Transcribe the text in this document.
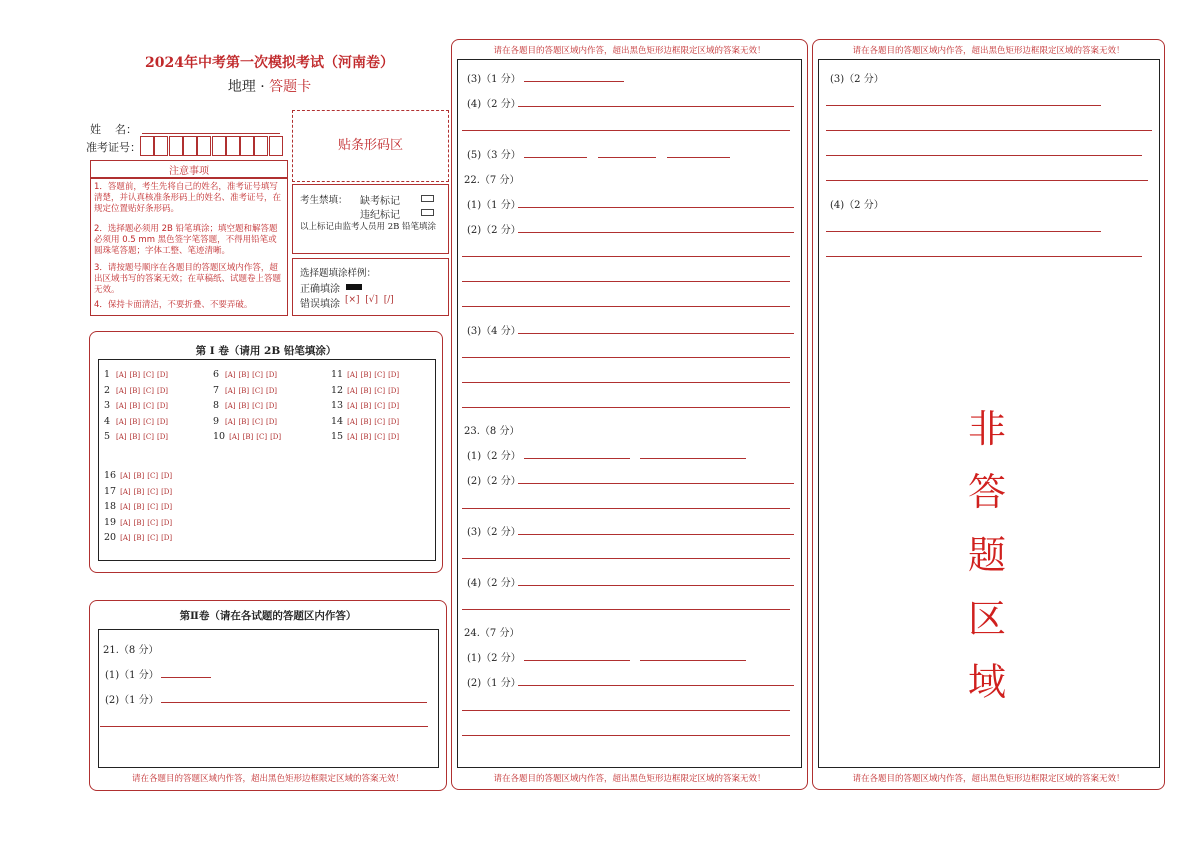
2024年中考第一次模拟考试（河南卷）
地理 · 答题卡
姓    名：
准考证号：	贴条形码区
注意事项
1．答题前，考生先将自己的姓名，准考证号填写清楚，并认真核准条形码上的姓名、准考证号，在规定位置贴好条形码。
2．选择题必须用 2B 铅笔填涂；填空题和解答题必须用 0.5 mm 黑色签字笔答题，不得用铅笔或圆珠笔答题；字体工整、笔迹清晰。
3．请按题号顺序在各题目的答题区域内作答，超出区域书写的答案无效；在草稿纸、试题卷上答题无效。
4．保持卡面清洁，不要折叠、不要弄破。
考生禁填： 缺考标记
违纪标记
以上标记由监考人员用 2B 铅笔填涂
选择题填涂样例：
正确填涂
错误填涂 [×]  [√]  [/]
第 I 卷（请用 2B 铅笔填涂）
1 [A] [B] [C] [D]
2 [A] [B] [C] [D]
3 [A] [B] [C] [D]
4 [A] [B] [C] [D]
5 [A] [B] [C] [D]
6 [A] [B] [C] [D]
7 [A] [B] [C] [D]
8 [A] [B] [C] [D]
9 [A] [B] [C] [D]
10 [A] [B] [C] [D]
11 [A] [B] [C] [D]
12 [A] [B] [C] [D]
13 [A] [B] [C] [D]
14 [A] [B] [C] [D]
15 [A] [B] [C] [D]
16 [A] [B] [C] [D]
17 [A] [B] [C] [D]
18 [A] [B] [C] [D]
19 [A] [B] [C] [D]
20 [A] [B] [C] [D]
第Ⅱ卷（请在各试题的答题区内作答）
21.（8 分）
(1)（1 分）
(2)（1 分）
请在各题目的答题区域内作答，超出黑色矩形边框限定区域的答案无效！
请在各题目的答题区域内作答，超出黑色矩形边框限定区域的答案无效！
请在各题目的答题区域内作答，超出黑色矩形边框限定区域的答案无效！
(3)（1 分）
(4)（2 分）
(5)（3 分）
22.（7 分）
(1)（1 分）
(2)（2 分）
(3)（4 分）
23.（8 分）
(1)（2 分）
(2)（2 分）
(3)（2 分）
(4)（2 分）
24.（7 分）
(1)（2 分）
(2)（1 分）
请在各题目的答题区域内作答，超出黑色矩形边框限定区域的答案无效！
请在各题目的答题区域内作答，超出黑色矩形边框限定区域的答案无效！
(3)（2 分）
(4)（2 分）
非
答
题
区
域
